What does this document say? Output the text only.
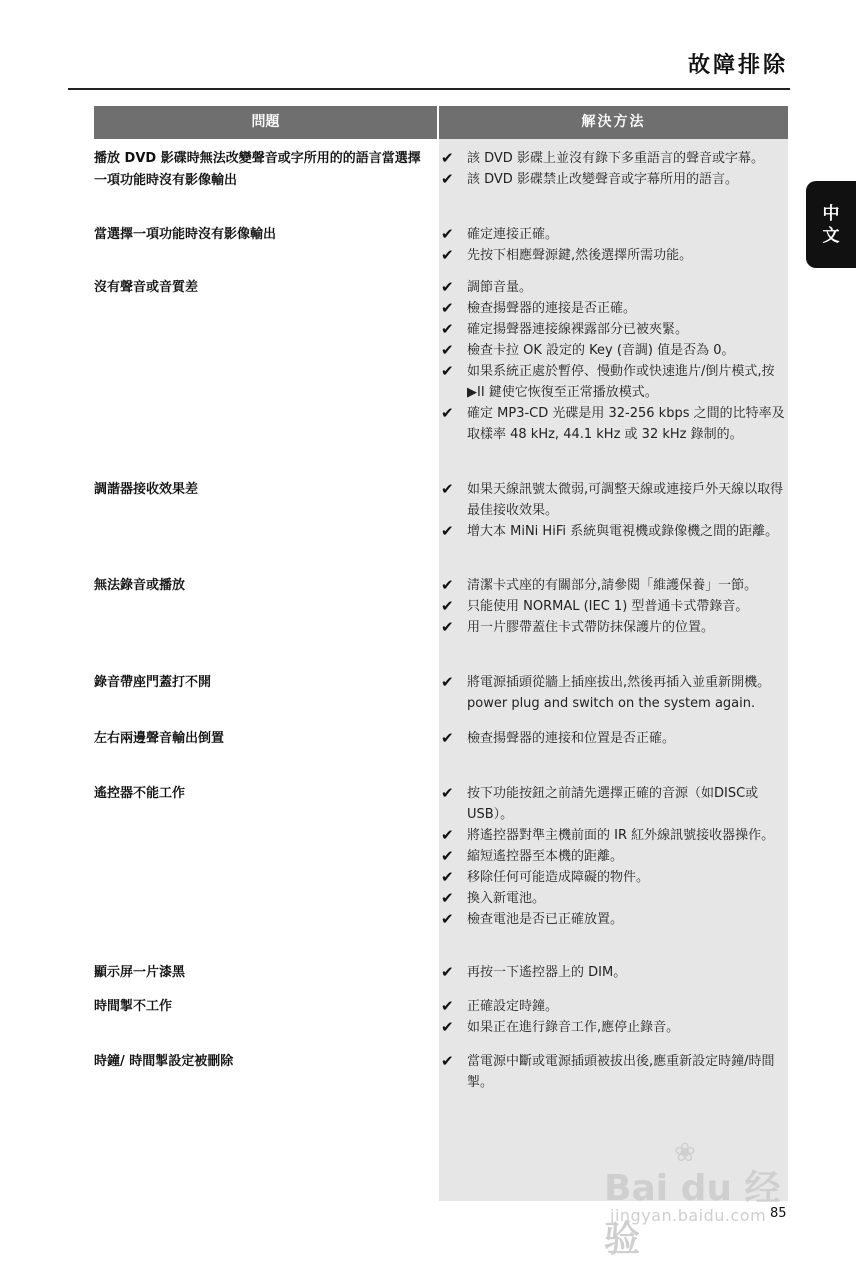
故障排除
中
文
問題	解決方法
播放 DVD 影碟時無法改變聲音或字所用的的語言當選擇一項功能時沒有影像輸出
✔ 該 DVD 影碟上並沒有錄下多重語言的聲音或字幕。
✔ 該 DVD 影碟禁止改變聲音或字幕所用的語言。
當選擇一項功能時沒有影像輸出	✔ 確定連接正確。
✔ 先按下相應聲源鍵,然後選擇所需功能。
沒有聲音或音質差	✔ 調節音量。
✔ 檢查揚聲器的連接是否正確。
✔ 確定揚聲器連接線裸露部分已被夾緊。
✔ 檢查卡拉 OK 設定的 Key (音調) 值是否為 0。
✔ 如果系統正處於暫停、慢動作或快速進片/倒片模式,按 ▶II 鍵使它恢復至正常播放模式。
✔ 確定 MP3-CD 光碟是用 32-256 kbps 之間的比特率及取樣率 48 kHz, 44.1 kHz 或 32 kHz 錄制的。
調諧器接收效果差	✔ 如果天線訊號太微弱,可調整天線或連接戶外天線以取得最佳接收效果。
✔ 增大本 MiNi HiFi 系統與電視機或錄像機之間的距離。
無法錄音或播放	✔ 清潔卡式座的有關部分,請參閱「維護保養」一節。
✔ 只能使用 NORMAL (IEC 1) 型普通卡式帶錄音。
✔ 用一片膠帶蓋住卡式帶防抹保護片的位置。
錄音帶座門蓋打不開	✔ 將電源插頭從牆上插座拔出,然後再插入並重新開機。power plug and switch on the system again.
左右兩邊聲音輸出倒置	✔ 檢查揚聲器的連接和位置是否正確。
遙控器不能工作	✔ 按下功能按鈕之前請先選擇正確的音源（如DISC或USB）。
✔ 將遙控器對準主機前面的 IR 紅外線訊號接收器操作。
✔ 縮短遙控器至本機的距離。
✔ 移除任何可能造成障礙的物件。
✔ 換入新電池。
✔ 檢查電池是否已正確放置。
顯示屏一片漆黑	✔ 再按一下遙控器上的 DIM。
時間掣不工作	✔ 正確設定時鐘。
✔ 如果正在進行錄音工作,應停止錄音。
時鐘/ 時間掣設定被刪除	✔ 當電源中斷或電源插頭被拔出後,應重新設定時鐘/時間掣。
❀
Bai du 经验
jingyan.baidu.com 85
